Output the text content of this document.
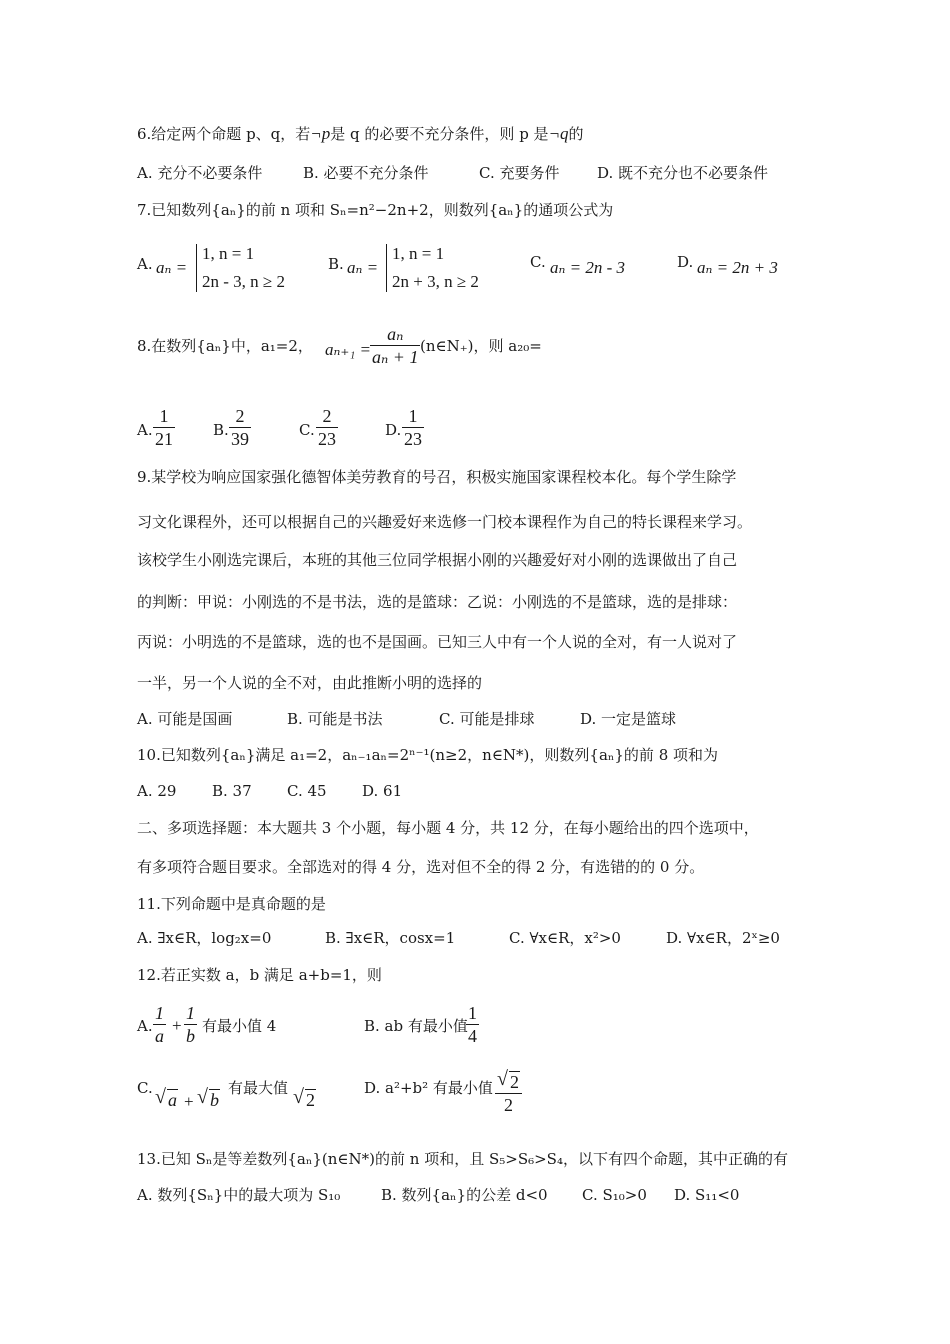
6.给定两个命题 p、q，若¬p是 q 的必要不充分条件，则 p 是¬q的
A. 充分不必要条件	B. 必要不充分条件	C. 充要务件	D. 既不充分也不必要条件
7.已知数列{aₙ}的前 n 项和 Sₙ=n²−2n+2，则数列{aₙ}的通项公式为
A. aₙ =
1, n = 1
2n - 3, n ≥ 2
B. aₙ =
1, n = 1
2n + 3, n ≥ 2
C. aₙ = 2n - 3	D. aₙ = 2n + 3
8.在数列{aₙ}中，a₁=2， $a_{n+1} = \frac{\text{aₙ}}{\text{aₙ + 1}}$ (n∈N₊)，则 a₂₀=
A. $\frac{1}{21}$	B. $\frac{2}{39}$	C. $\frac{2}{23}$	D. $\frac{1}{23}$
9.某学校为响应国家强化德智体美劳教育的号召，积极实施国家课程校本化。每个学生除学
习文化课程外，还可以根据自己的兴趣爱好来选修一门校本课程作为自己的特长课程来学习。
该校学生小刚选完课后，本班的其他三位同学根据小刚的兴趣爱好对小刚的选课做出了自己
的判断：甲说：小刚选的不是书法，选的是篮球：乙说：小刚选的不是篮球，选的是排球：
丙说：小明选的不是篮球，选的也不是国画。已知三人中有一个人说的全对，有一人说对了
一半，另一个人说的全不对，由此推断小明的选择的
A. 可能是国画	B. 可能是书法	C. 可能是排球	D. 一定是篮球
10.已知数列{aₙ}满足 a₁=2，aₙ₋₁aₙ=2ⁿ⁻¹(n≥2，n∈N*)，则数列{aₙ}的前 8 项和为
A. 29 B. 37 C. 45 D. 61
二、多项选择题：本大题共 3 个小题，每小题 4 分，共 12 分，在每小题给出的四个选项中，
有多项符合题目要求。全部选对的得 4 分，选对但不全的得 2 分，有选错的的 0 分。
11.下列命题中是真命题的是
A. ∃x∈R，log₂x=0	B. ∃x∈R，cosx=1	C. ∀x∈R，x²>0	D. ∀x∈R，2ˣ≥0
12.若正实数 a，b 满足 a+b=1，则
A. $\frac{1}{a} + \frac{1}{b}$ 有最小值 4	B. ab 有最小值
$\frac{1}{4}$
C. √ a + √ b
有最大值 √ 2
D. a²+b² 有最小值 $\frac{√ 2}{2}$
13.已知 Sₙ是等差数列{aₙ}(n∈N*)的前 n 项和，且 S₅>S₆>S₄，以下有四个命题，其中正确的有
A. 数列{Sₙ}中的最大项为 S₁₀	B. 数列{aₙ}的公差 d<0 C. S₁₀>0 D. S₁₁<0
